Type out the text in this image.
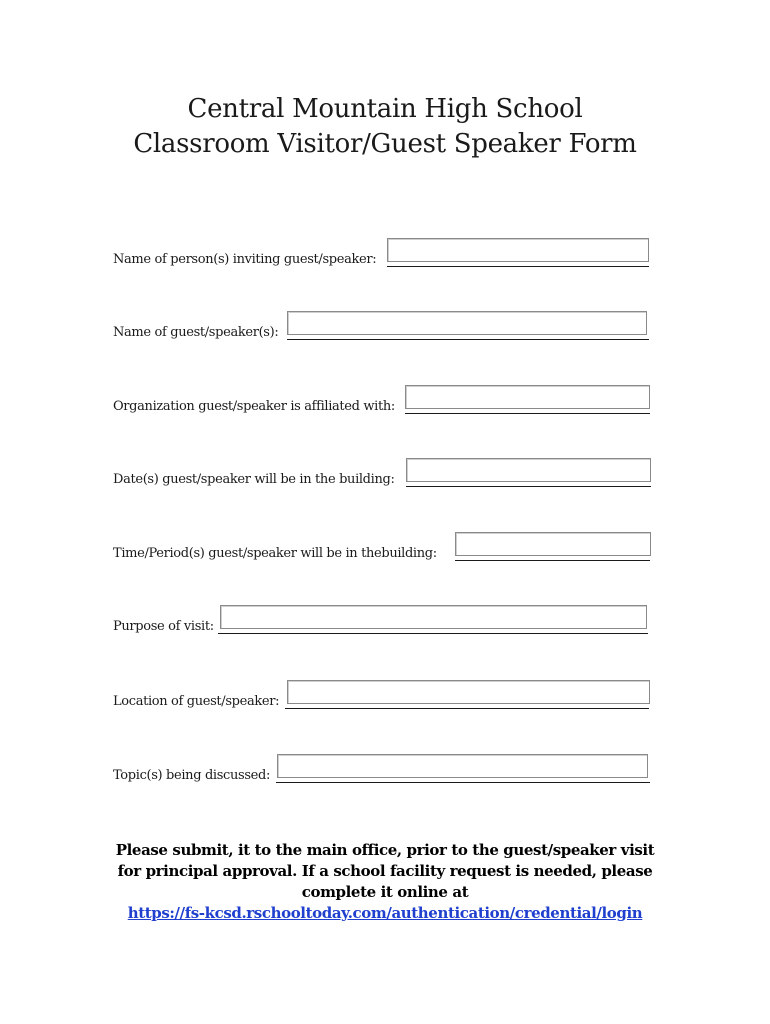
Central Mountain High School
Classroom Visitor/Guest Speaker Form
Name of person(s) inviting guest/speaker:
Name of guest/speaker(s):
Organization guest/speaker is affiliated with:
Date(s) guest/speaker will be in the building:
Time/Period(s) guest/speaker will be in thebuilding:
Purpose of visit:
Location of guest/speaker:
Topic(s) being discussed:
Please submit, it to the main office, prior to the guest/speaker visit
for principal approval. If a school facility request is needed, please
complete it online at
https://fs-kcsd.rschooltoday.com/authentication/credential/login
